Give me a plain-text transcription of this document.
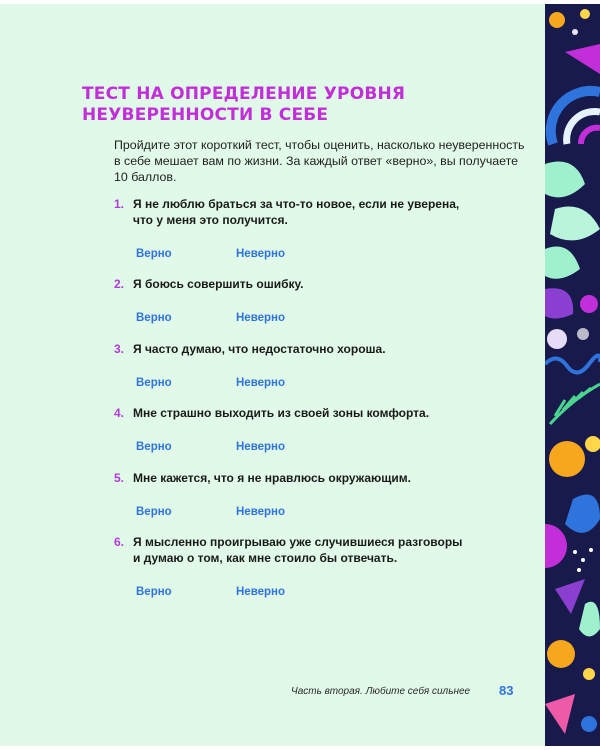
ТЕСТ НА ОПРЕДЕЛЕНИЕ УРОВНЯ
НЕУВЕРЕННОСТИ В СЕБЕ

Пройдите этот короткий тест, чтобы оценить, насколько неуверенность
в себе мешает вам по жизни. За каждый ответ «верно», вы получаете
10 баллов.

1. Я не люблю браться за что-то новое, если не уверена,
что у меня это получится.
Верно	Неверно
2. Я боюсь совершить ошибку.
Верно	Неверно
3. Я часто думаю, что недостаточно хороша.
Верно	Неверно
4. Мне страшно выходить из своей зоны комфорта.
Верно	Неверно
5. Мне кажется, что я не нравлюсь окружающим.
Верно	Неверно
6. Я мысленно проигрываю уже случившиеся разговоры
и думаю о том, как мне стоило бы отвечать.
Верно	Неверно
Часть вторая. Любите себя сильнее 83
